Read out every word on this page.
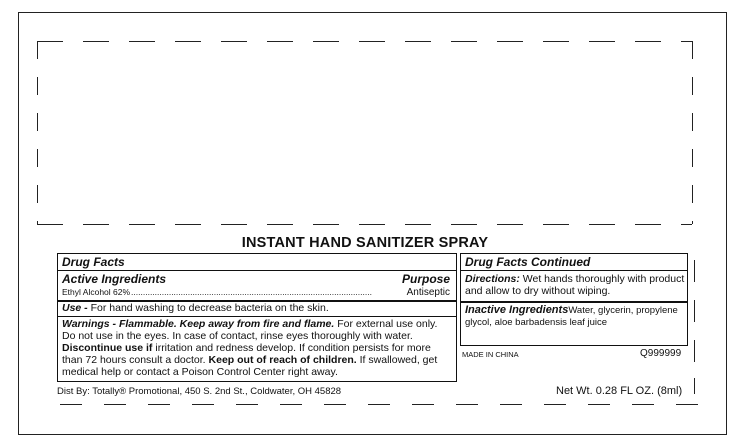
INSTANT HAND SANITIZER SPRAY
Drug Facts
Active Ingredients	Purpose
Ethyl Alcohol 62% ......................................................................................................	Antiseptic
Use - For hand washing to decrease bacteria on the skin.
Warnings - Flammable. Keep away from fire and flame. For external use only. Do not use in the eyes. In case of contact, rinse eyes thoroughly with water. Discontinue use if irritation and redness develop. If condition persists for more than 72 hours consult a doctor. Keep out of reach of children. If swallowed, get medical help or contact a Poison Control Center right away.
Drug Facts Continued
Directions: Wet hands thoroughly with product and allow to dry without wiping.
Inactive IngredientsWater, glycerin, propylene glycol, aloe barbadensis leaf juice
MADE IN CHINA	Q999999
Dist By: Totally® Promotional, 450 S. 2nd St., Coldwater, OH 45828	Net Wt. 0.28 FL OZ. (8ml)
